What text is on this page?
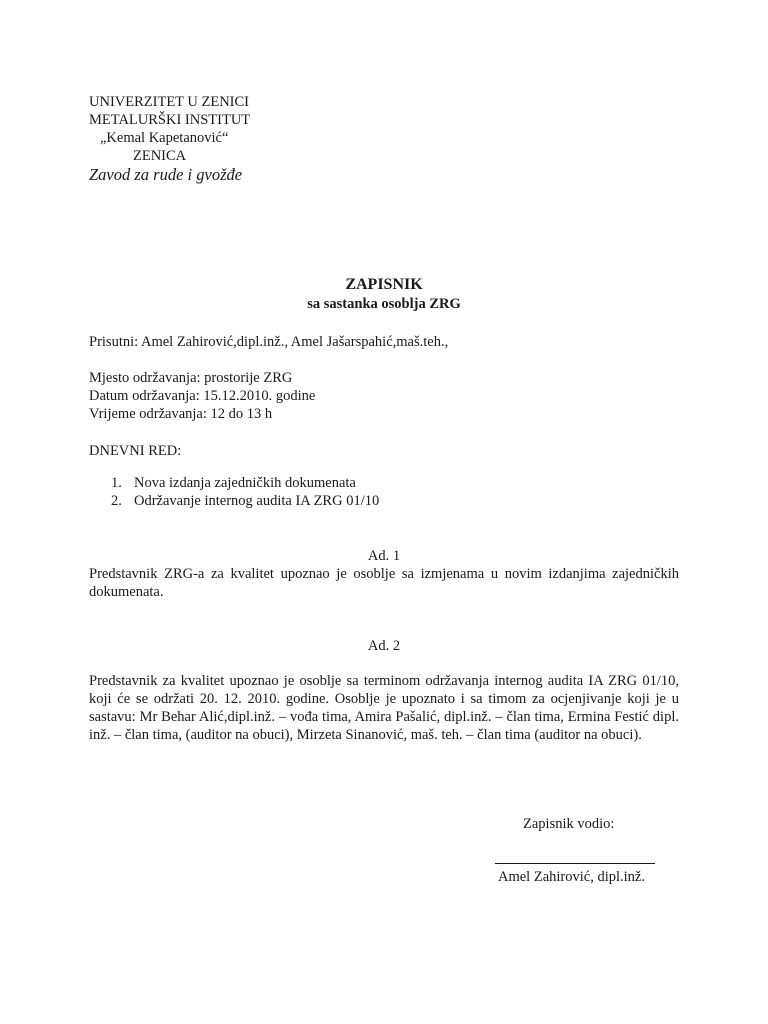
UNIVERZITET U ZENICI
METALURŠKI INSTITUT
„Kemal Kapetanović“
ZENICA
Zavod za rude i gvožđe
ZAPISNIK
sa sastanka osoblja ZRG
Prisutni: Amel Zahirović,dipl.inž., Amel Jašarspahić,maš.teh.,
Mjesto održavanja: prostorije ZRG
Datum održavanja: 15.12.2010. godine
Vrijeme održavanja: 12 do 13 h
DNEVNI RED:
1. Nova izdanja zajedničkih dokumenata
2. Održavanje internog audita IA ZRG 01/10
Ad. 1

Predstavnik ZRG-a za kvalitet upoznao je osoblje sa izmjenama u novim izdanjima zajedničkih dokumenata.

Ad. 2

Predstavnik za kvalitet upoznao je osoblje sa terminom održavanja internog audita IA ZRG 01/10, koji će se održati 20. 12. 2010. godine. Osoblje je upoznato i sa timom za ocjenjivanje koji je u sastavu: Mr Behar Alić,dipl.inž. – vođa tima, Amira Pašalić, dipl.inž. – član tima, Ermina Festić dipl. inž. – član tima, (auditor na obuci), Mirzeta Sinanović, maš. teh. – član tima (auditor na obuci).

Zapisnik vodio:
Amel Zahirović, dipl.inž.
